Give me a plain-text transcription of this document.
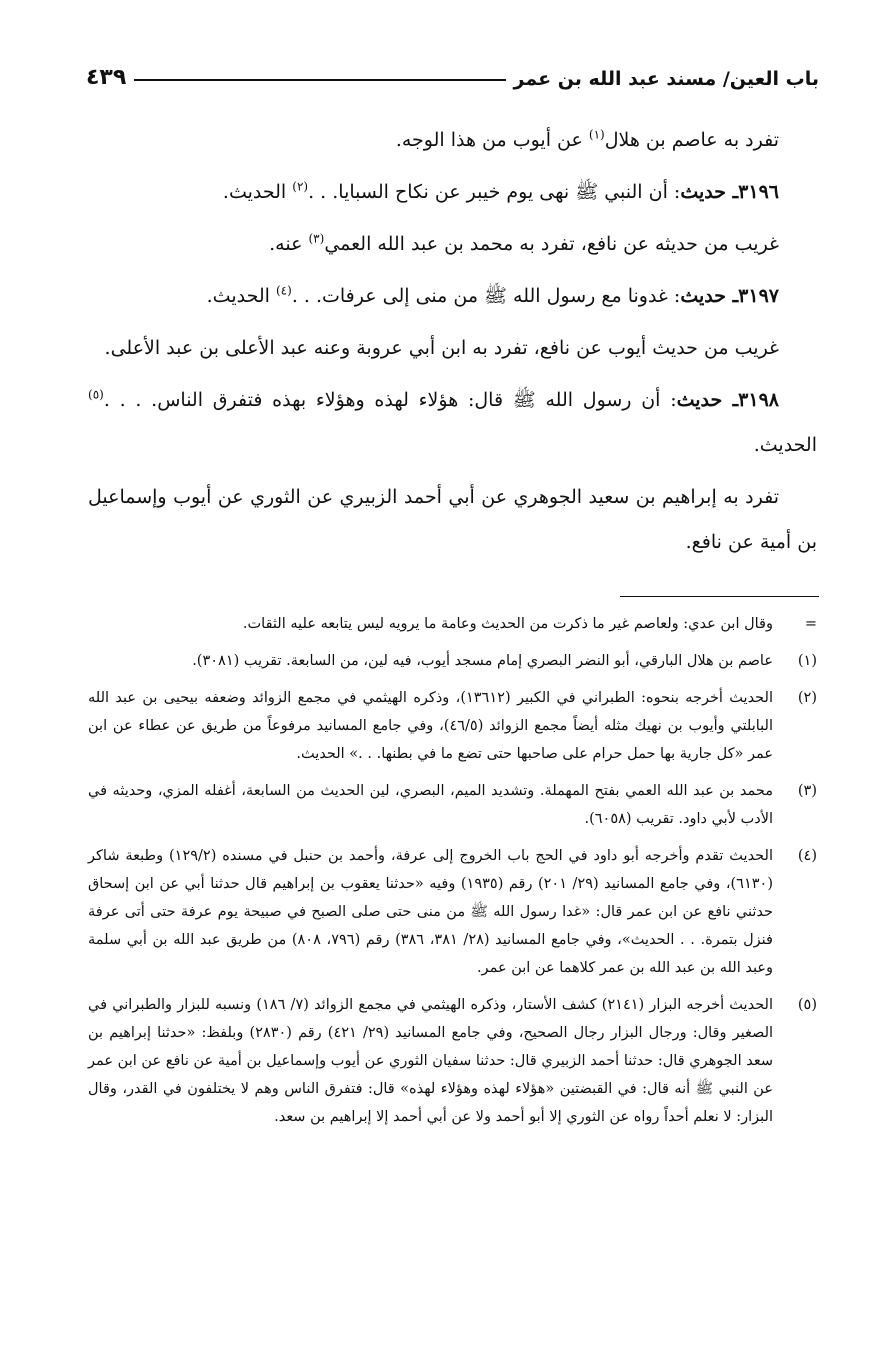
باب العين/ مسند عبد الله بن عمر
٤٣٩

تفرد به عاصم بن هلال$^{(١)}$ عن أيوب من هذا الوجه.

٣١٩٦ـ حديث: أن النبي ﷺ نهى يوم خيبر عن نكاح السبايا. . .$^{(٢)}$ الحديث.

غريب من حديثه عن نافع، تفرد به محمد بن عبد الله العمي$^{(٣)}$ عنه.

٣١٩٧ـ حديث: غدونا مع رسول الله ﷺ من منى إلى عرفات. . .$^{(٤)}$ الحديث.

غريب من حديث أيوب عن نافع، تفرد به ابن أبي عروبة وعنه عبد الأعلى بن عبد الأعلى.

٣١٩٨ـ حديث: أن رسول الله ﷺ قال: هؤلاء لهذه وهؤلاء بهذه فتفرق الناس. . . .$^{(٥)}$ الحديث.

تفرد به إبراهيم بن سعيد الجوهري عن أبي أحمد الزبيري عن الثوري عن أيوب وإسماعيل بن أمية عن نافع.

=
وقال ابن عدي: ولعاصم غير ما ذكرت من الحديث وعامة ما يرويه ليس يتابعه عليه الثقات.
(١)
عاصم بن هلال البارقي، أبو النضر البصري إمام مسجد أيوب، فيه لين، من السابعة. تقريب (٣٠٨١).
(٢)
الحديث أخرجه بنحوه: الطبراني في الكبير (١٣٦١٢)، وذكره الهيثمي في مجمع الزوائد وضعفه بيحيى بن عبد الله البابلتي وأيوب بن نهيك مثله أيضاً مجمع الزوائد (٤٦/٥)، وفي جامع المسانيد مرفوعاً من طريق عن عطاء عن ابن عمر «كل جارية بها حمل حرام على صاحبها حتى تضع ما في بطنها. . .» الحديث.
(٣)
محمد بن عبد الله العمي بفتح المهملة. وتشديد الميم، البصري، لين الحديث من السابعة، أغفله المزي، وحديثه في الأدب لأبي داود. تقريب (٦٠٥٨).
(٤)
الحديث تقدم وأخرجه أبو داود في الحج باب الخروج إلى عرفة، وأحمد بن حنبل في مسنده (١٢٩/٢) وطبعة شاكر (٦١٣٠)، وفي جامع المسانيد (٢٩/ ٢٠١) رقم (١٩٣٥) وفيه «حدثنا يعقوب بن إبراهيم قال حدثنا أبي عن ابن إسحاق حدثني نافع عن ابن عمر قال: «غدا رسول الله ﷺ من منى حتى صلى الصبح في صبيحة يوم عرفة حتى أتى عرفة فنزل بتمرة. . . الحديث»، وفي جامع المسانيد (٢٨/ ٣٨١، ٣٨٦) رقم (٧٩٦، ٨٠٨) من طريق عبد الله بن أبي سلمة وعبد الله بن عبد الله بن عمر كلاهما عن ابن عمر.
(٥)
الحديث أخرجه البزار (٢١٤١) كشف الأستار، وذكره الهيثمي في مجمع الزوائد (٧/ ١٨٦) ونسبه للبزار والطبراني في الصغير وقال: ورجال البزار رجال الصحيح، وفي جامع المسانيد (٢٩/ ٤٢١) رقم (٢٨٣٠) وبلفظ: «حدثنا إبراهيم بن سعد الجوهري قال: حدثنا أحمد الزبيري قال: حدثنا سفيان الثوري عن أيوب وإسماعيل بن أمية عن نافع عن ابن عمر عن النبي ﷺ أنه قال: في القبضتين «هؤلاء لهذه وهؤلاء لهذه» قال: فتفرق الناس وهم لا يختلفون في القدر، وقال البزار: لا نعلم أحداً رواه عن الثوري إلا أبو أحمد ولا عن أبي أحمد إلا إبراهيم بن سعد.
